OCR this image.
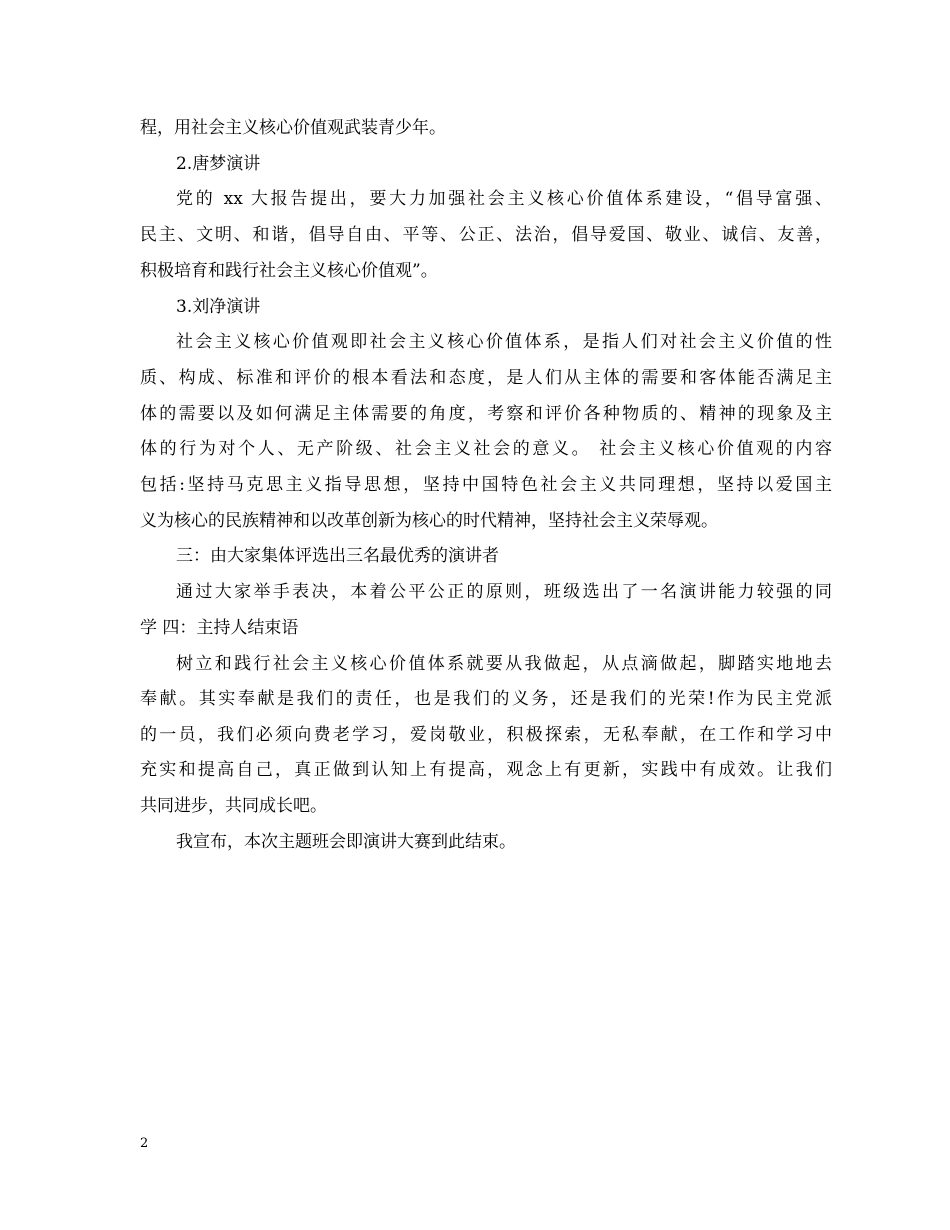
程，用社会主义核心价值观武装青少年。
2.唐梦演讲
党的 xx 大报告提出，要大力加强社会主义核心价值体系建设，“倡导富强、
民主、文明、和谐，倡导自由、平等、公正、法治，倡导爱国、敬业、诚信、友善，
积极培育和践行社会主义核心价值观”。
3.刘净演讲
社会主义核心价值观即社会主义核心价值体系，是指人们对社会主义价值的性
质、构成、标准和评价的根本看法和态度，是人们从主体的需要和客体能否满足主
体的需要以及如何满足主体需要的角度，考察和评价各种物质的、精神的现象及主
体的行为对个人、无产阶级、社会主义社会的意义。 社会主义核心价值观的内容
包括:坚持马克思主义指导思想，坚持中国特色社会主义共同理想，坚持以爱国主
义为核心的民族精神和以改革创新为核心的时代精神，坚持社会主义荣辱观。
三：由大家集体评选出三名最优秀的演讲者
通过大家举手表决，本着公平公正的原则，班级选出了一名演讲能力较强的同
学 四：主持人结束语
树立和践行社会主义核心价值体系就要从我做起，从点滴做起，脚踏实地地去
奉献。其实奉献是我们的责任，也是我们的义务，还是我们的光荣!作为民主党派
的一员，我们必须向费老学习，爱岗敬业，积极探索，无私奉献，在工作和学习中
充实和提高自己，真正做到认知上有提高，观念上有更新，实践中有成效。让我们
共同进步，共同成长吧。
我宣布，本次主题班会即演讲大赛到此结束。
2
